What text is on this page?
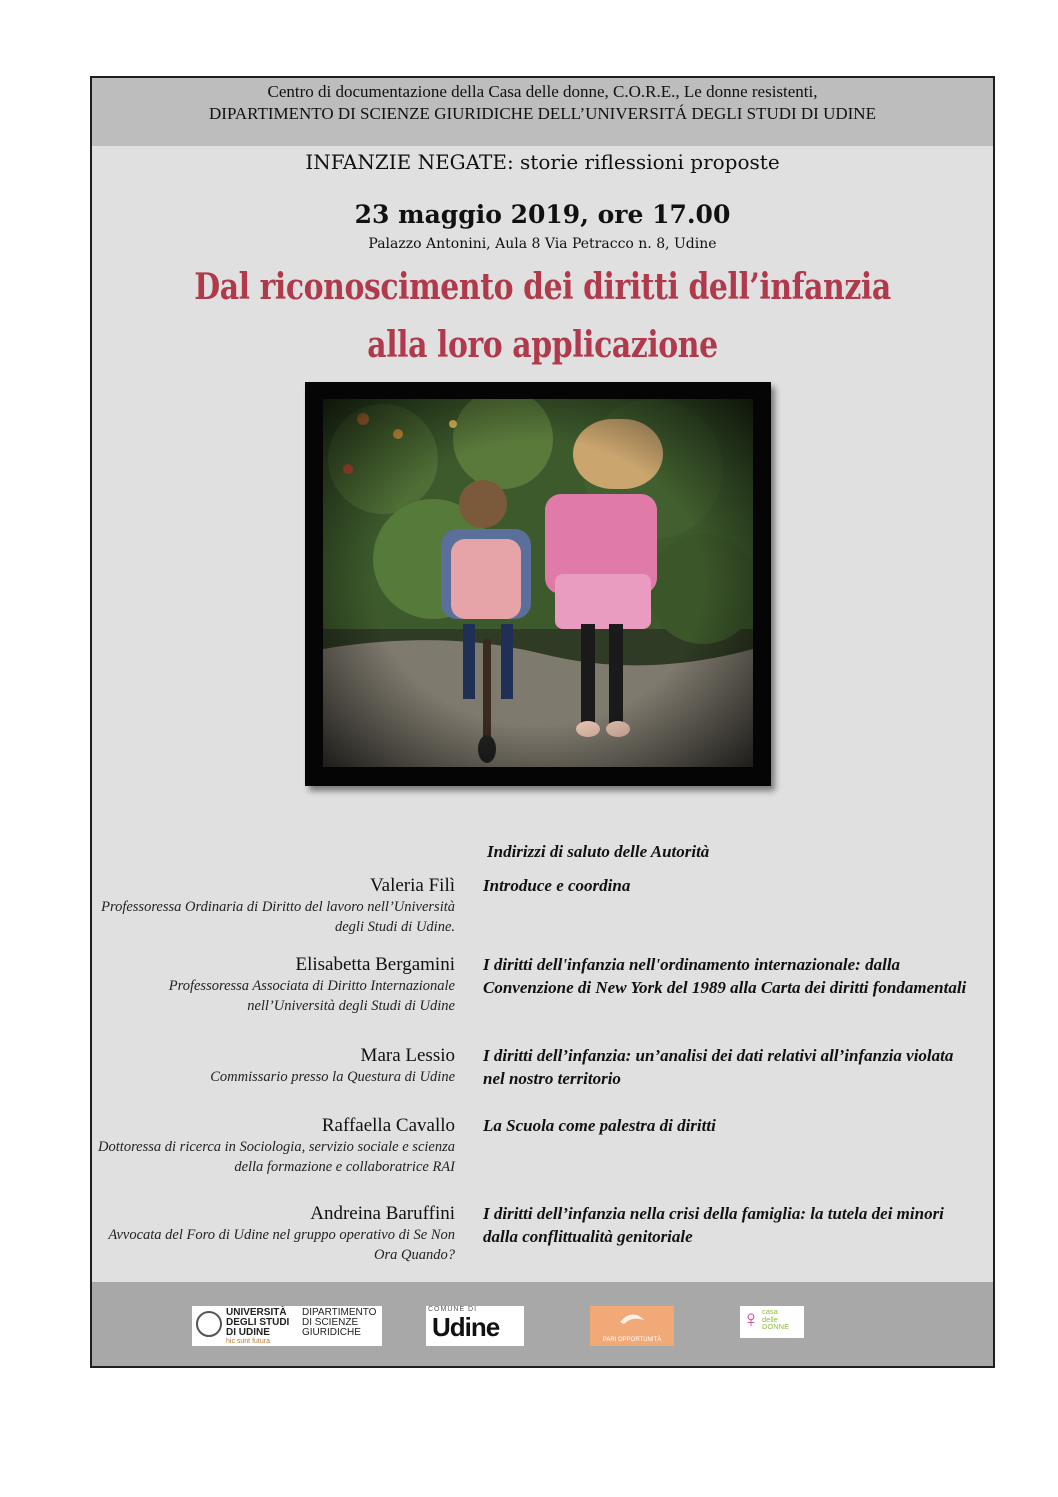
Centro di documentazione della Casa delle donne, C.O.R.E., Le donne resistenti,
DIPARTIMENTO DI SCIENZE GIURIDICHE DELL’UNIVERSITÁ DEGLI STUDI DI UDINE
INFANZIE NEGATE: storie riflessioni proposte
23 maggio 2019, ore 17.00
Palazzo Antonini, Aula 8 Via Petracco n. 8, Udine
Dal riconoscimento dei diritti dell’infanzia
alla loro applicazione
Indirizzi di saluto delle Autorità
Valeria Filì
Professoressa Ordinaria di Diritto del lavoro nell’Università degli Studi di Udine.
Introduce e coordina
Elisabetta Bergamini
Professoressa Associata di Diritto Internazionale nell’Università degli Studi di Udine
I diritti dell'infanzia nell'ordinamento internazionale: dalla Convenzione di New York del 1989 alla Carta dei diritti fondamentali
Mara Lessio
Commissario presso la Questura di Udine
I diritti dell’infanzia: un’analisi dei dati relativi all’infanzia violata nel nostro territorio
Raffaella Cavallo
Dottoressa di ricerca in Sociologia, servizio sociale e scienza della formazione e collaboratrice RAI
La Scuola come palestra di diritti
Andreina Baruffini
Avvocata del Foro di Udine nel gruppo operativo di Se Non Ora Quando?
I diritti dell’infanzia nella crisi della famiglia: la tutela dei minori dalla conflittualità genitoriale
UNIVERSITÀ
DEGLI STUDI
DI UDINE
hic sunt futura
DIPARTIMENTO
DI SCIENZE
GIURIDICHE
COMUNE DI
Udine	PARI OPPORTUNITÀ
♀ casa
delle
DONNE
